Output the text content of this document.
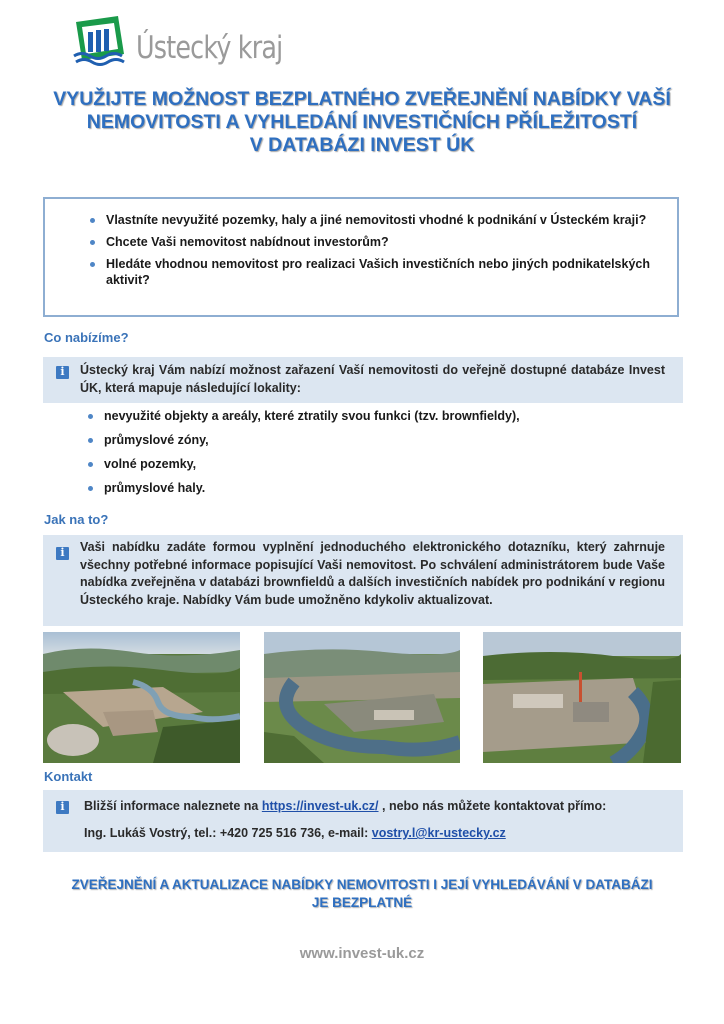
Ústecký kraj
VYUŽIJTE MOŽNOST BEZPLATNÉHO ZVEŘEJNĚNÍ NABÍDKY VAŠÍ
NEMOVITOSTI A VYHLEDÁNÍ INVESTIČNÍCH PŘÍLEŽITOSTÍ
V DATABÁZI INVEST ÚK
Vlastníte nevyužité pozemky, haly a jiné nemovitosti vhodné k podnikání v Ústeckém kraji?
Chcete Vaši nemovitost nabídnout investorům?
Hledáte vhodnou nemovitost pro realizaci Vašich investičních nebo jiných podnikatelských aktivit?
Co nabízíme?
i
Ústecký kraj Vám nabízí možnost zařazení Vaší nemovitosti do veřejně dostupné databáze Invest ÚK, která mapuje následující lokality:
nevyužité objekty a areály, které ztratily svou funkci (tzv. brownfieldy),
průmyslové zóny,
volné pozemky,
průmyslové haly.
Jak na to?
i
Vaši nabídku zadáte formou vyplnění jednoduchého elektronického dotazníku, který zahrnuje všechny potřebné informace popisující Vaši nemovitost. Po schválení administrátorem bude Vaše nabídka zveřejněna v databázi brownfieldů a dalších investičních nabídek pro podnikání v regionu Ústeckého kraje. Nabídky Vám bude umožněno kdykoliv aktualizovat.
Kontakt
i
Bližší informace naleznete na https://invest-uk.cz/ , nebo nás můžete kontaktovat přímo:
Ing. Lukáš Vostrý, tel.: +420 725 516 736, e-mail: vostry.l@kr-ustecky.cz
ZVEŘEJNĚNÍ A AKTUALIZACE NABÍDKY NEMOVITOSTI I JEJÍ VYHLEDÁVÁNÍ V DATABÁZI
JE BEZPLATNÉ
www.invest-uk.cz
